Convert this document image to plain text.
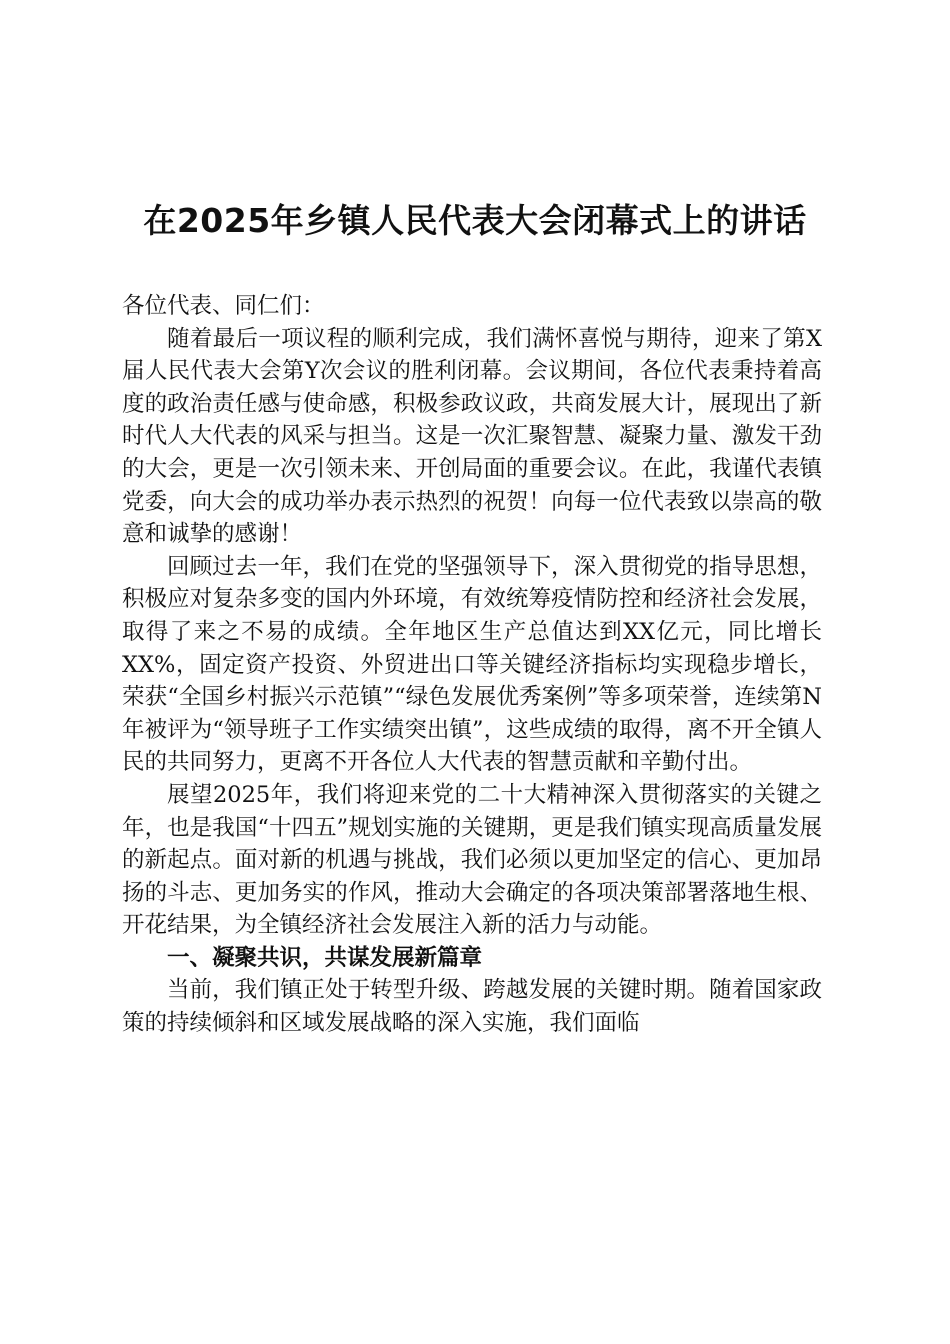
在2025年乡镇人民代表大会闭幕式上的讲话

各位代表、同仁们：

随着最后一项议程的顺利完成，我们满怀喜悦与期待，迎来了第X届人民代表大会第Y次会议的胜利闭幕。会议期间，各位代表秉持着高度的政治责任感与使命感，积极参政议政，共商发展大计，展现出了新时代人大代表的风采与担当。这是一次汇聚智慧、凝聚力量、激发干劲的大会，更是一次引领未来、开创局面的重要会议。在此，我谨代表镇党委，向大会的成功举办表示热烈的祝贺！向每一位代表致以崇高的敬意和诚挚的感谢！

回顾过去一年，我们在党的坚强领导下，深入贯彻党的指导思想，积极应对复杂多变的国内外环境，有效统筹疫情防控和经济社会发展，取得了来之不易的成绩。全年地区生产总值达到XX亿元，同比增长XX%，固定资产投资、外贸进出口等关键经济指标均实现稳步增长，荣获“全国乡村振兴示范镇”“绿色发展优秀案例”等多项荣誉，连续第N年被评为“领导班子工作实绩突出镇”，这些成绩的取得，离不开全镇人民的共同努力，更离不开各位人大代表的智慧贡献和辛勤付出。

展望2025年，我们将迎来党的二十大精神深入贯彻落实的关键之年，也是我国“十四五”规划实施的关键期，更是我们镇实现高质量发展的新起点。面对新的机遇与挑战，我们必须以更加坚定的信心、更加昂扬的斗志、更加务实的作风，推动大会确定的各项决策部署落地生根、开花结果，为全镇经济社会发展注入新的活力与动能。

一、凝聚共识，共谋发展新篇章

当前，我们镇正处于转型升级、跨越发展的关键时期。随着国家政策的持续倾斜和区域发展战略的深入实施，我们面临
